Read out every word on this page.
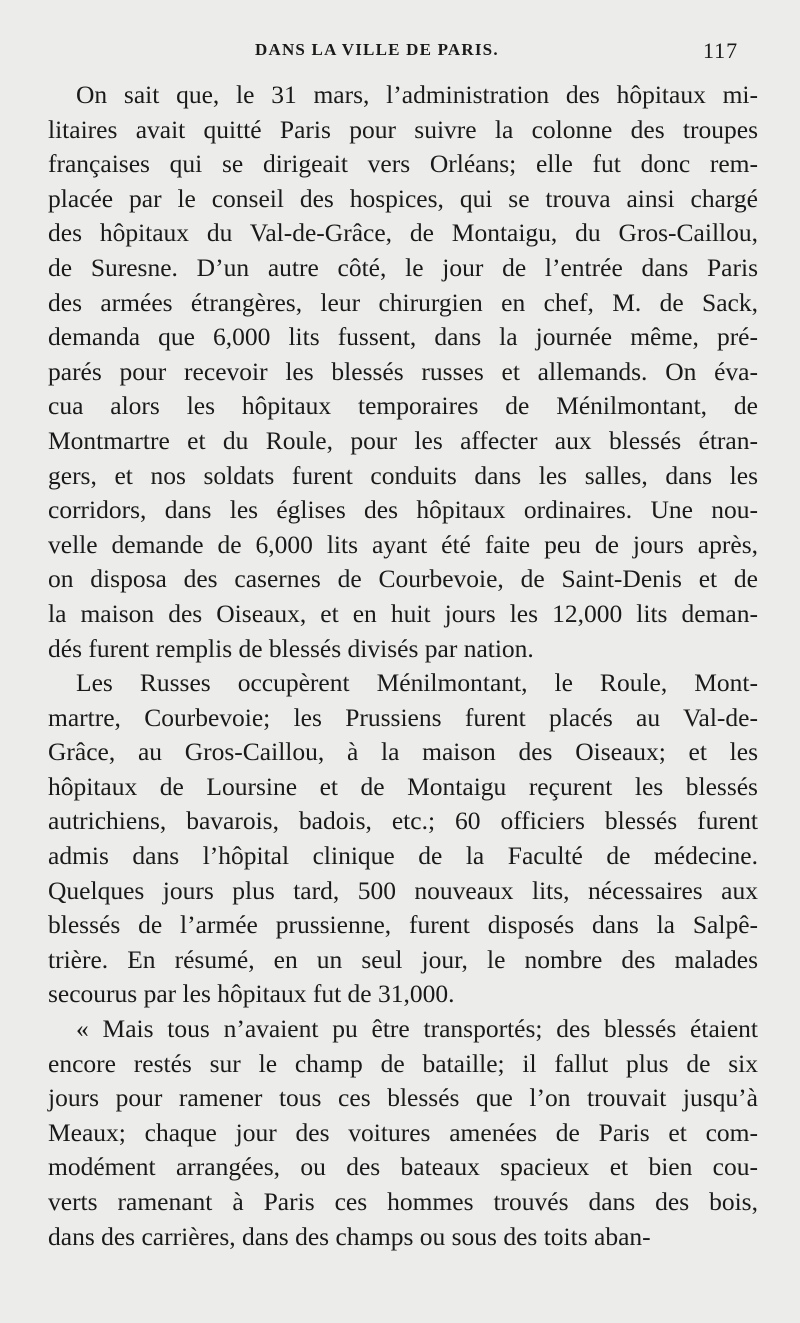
DANS LA VILLE DE PARIS.	117
On sait que, le 31 mars, l’administration des hôpitaux mi-
litaires avait quitté Paris pour suivre la colonne des troupes
françaises qui se dirigeait vers Orléans; elle fut donc rem-
placée par le conseil des hospices, qui se trouva ainsi chargé
des hôpitaux du Val-de-Grâce, de Montaigu, du Gros-Caillou,
de Suresne. D’un autre côté, le jour de l’entrée dans Paris
des armées étrangères, leur chirurgien en chef, M. de Sack,
demanda que 6,000 lits fussent, dans la journée même, pré-
parés pour recevoir les blessés russes et allemands. On éva-
cua alors les hôpitaux temporaires de Ménilmontant, de
Montmartre et du Roule, pour les affecter aux blessés étran-
gers, et nos soldats furent conduits dans les salles, dans les
corridors, dans les églises des hôpitaux ordinaires. Une nou-
velle demande de 6,000 lits ayant été faite peu de jours après,
on disposa des casernes de Courbevoie, de Saint-Denis et de
la maison des Oiseaux, et en huit jours les 12,000 lits deman-
dés furent remplis de blessés divisés par nation.
Les Russes occupèrent Ménilmontant, le Roule, Mont-
martre, Courbevoie; les Prussiens furent placés au Val-de-
Grâce, au Gros-Caillou, à la maison des Oiseaux; et les
hôpitaux de Loursine et de Montaigu reçurent les blessés
autrichiens, bavarois, badois, etc.; 60 officiers blessés furent
admis dans l’hôpital clinique de la Faculté de médecine.
Quelques jours plus tard, 500 nouveaux lits, nécessaires aux
blessés de l’armée prussienne, furent disposés dans la Salpê-
trière. En résumé, en un seul jour, le nombre des malades
secourus par les hôpitaux fut de 31,000.
« Mais tous n’avaient pu être transportés; des blessés étaient
encore restés sur le champ de bataille; il fallut plus de six
jours pour ramener tous ces blessés que l’on trouvait jusqu’à
Meaux; chaque jour des voitures amenées de Paris et com-
modément arrangées, ou des bateaux spacieux et bien cou-
verts ramenant à Paris ces hommes trouvés dans des bois,
dans des carrières, dans des champs ou sous des toits aban-
